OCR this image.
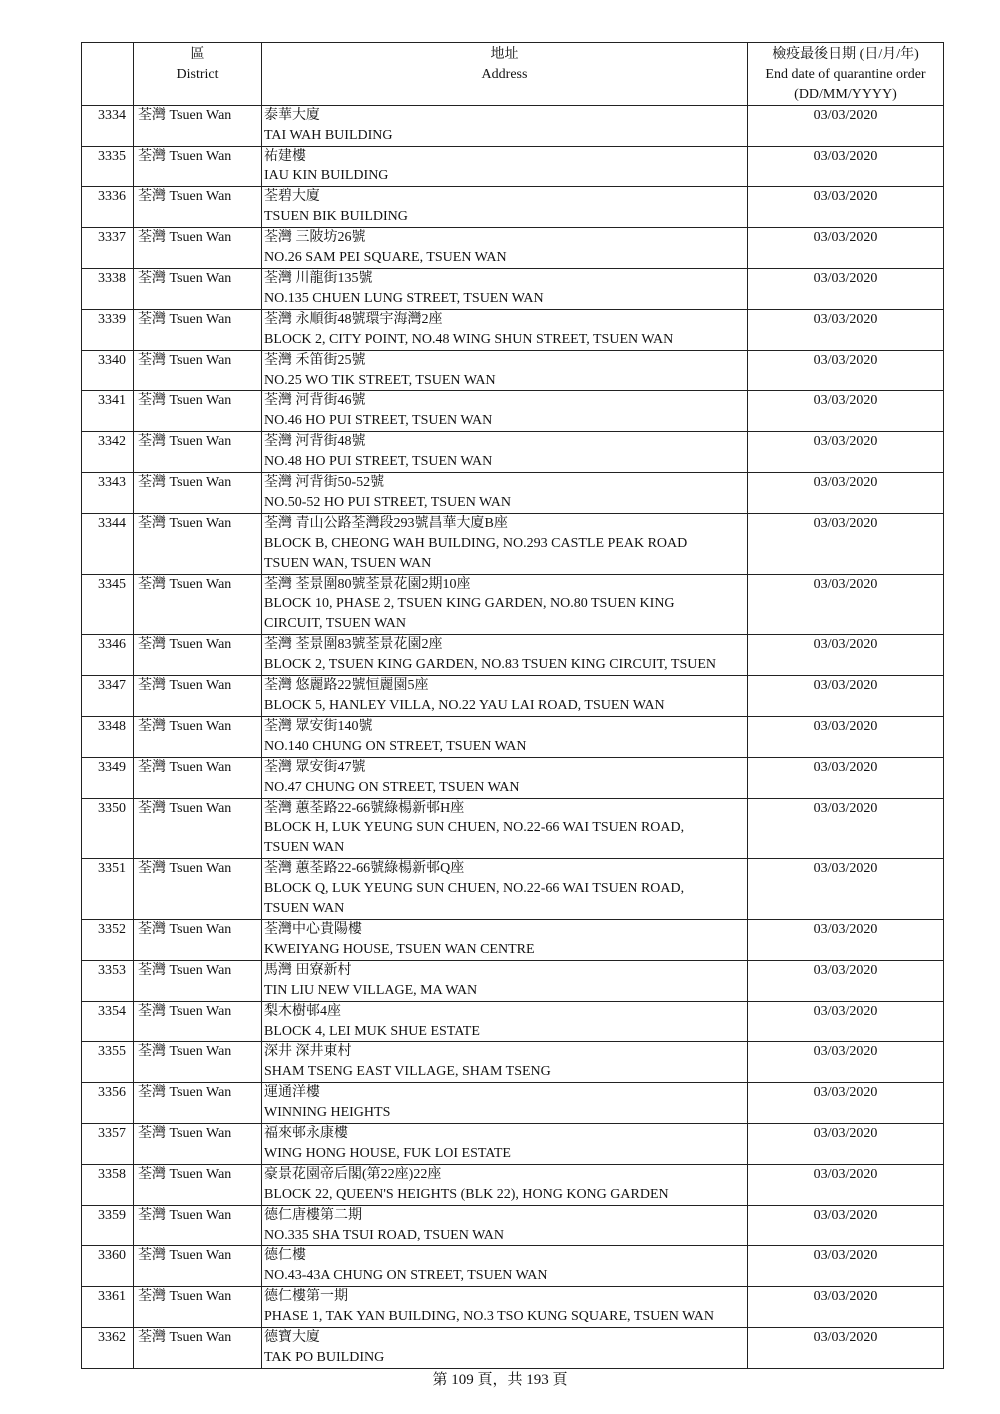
	區
District	地址
Address	檢疫最後日期 (日/月/年)
End date of quarantine order
(DD/MM/YYYY)

3334	荃灣 Tsuen Wan	泰華大廈
TAI WAH BUILDING	03/03/2020
3335	荃灣 Tsuen Wan	祐建樓
IAU KIN BUILDING	03/03/2020
3336	荃灣 Tsuen Wan	荃碧大廈
TSUEN BIK BUILDING	03/03/2020
3337	荃灣 Tsuen Wan	荃灣 三陂坊26號
NO.26 SAM PEI SQUARE, TSUEN WAN	03/03/2020
3338	荃灣 Tsuen Wan	荃灣 川龍街135號
NO.135 CHUEN LUNG STREET, TSUEN WAN	03/03/2020
3339	荃灣 Tsuen Wan	荃灣 永順街48號環宇海灣2座
BLOCK 2, CITY POINT, NO.48 WING SHUN STREET, TSUEN WAN	03/03/2020
3340	荃灣 Tsuen Wan	荃灣 禾笛街25號
NO.25 WO TIK STREET, TSUEN WAN	03/03/2020
3341	荃灣 Tsuen Wan	荃灣 河背街46號
NO.46 HO PUI STREET, TSUEN WAN	03/03/2020
3342	荃灣 Tsuen Wan	荃灣 河背街48號
NO.48 HO PUI STREET, TSUEN WAN	03/03/2020
3343	荃灣 Tsuen Wan	荃灣 河背街50-52號
NO.50-52 HO PUI STREET, TSUEN WAN	03/03/2020
3344	荃灣 Tsuen Wan	荃灣 青山公路荃灣段293號昌華大廈B座
BLOCK B, CHEONG WAH BUILDING, NO.293 CASTLE PEAK ROAD
TSUEN WAN, TSUEN WAN	03/03/2020
3345	荃灣 Tsuen Wan	荃灣 荃景圍80號荃景花園2期10座
BLOCK 10, PHASE 2, TSUEN KING GARDEN, NO.80 TSUEN KING
CIRCUIT, TSUEN WAN	03/03/2020
3346	荃灣 Tsuen Wan	荃灣 荃景圍83號荃景花園2座
BLOCK 2, TSUEN KING GARDEN, NO.83 TSUEN KING CIRCUIT, TSUEN	03/03/2020
3347	荃灣 Tsuen Wan	荃灣 悠麗路22號恒麗園5座
BLOCK 5, HANLEY VILLA, NO.22 YAU LAI ROAD, TSUEN WAN	03/03/2020
3348	荃灣 Tsuen Wan	荃灣 眾安街140號
NO.140 CHUNG ON STREET, TSUEN WAN	03/03/2020
3349	荃灣 Tsuen Wan	荃灣 眾安街47號
NO.47 CHUNG ON STREET, TSUEN WAN	03/03/2020
3350	荃灣 Tsuen Wan	荃灣 蕙荃路22-66號綠楊新邨H座
BLOCK H, LUK YEUNG SUN CHUEN, NO.22-66 WAI TSUEN ROAD,
TSUEN WAN	03/03/2020
3351	荃灣 Tsuen Wan	荃灣 蕙荃路22-66號綠楊新邨Q座
BLOCK Q, LUK YEUNG SUN CHUEN, NO.22-66 WAI TSUEN ROAD,
TSUEN WAN	03/03/2020
3352	荃灣 Tsuen Wan	荃灣中心貴陽樓
KWEIYANG HOUSE, TSUEN WAN CENTRE	03/03/2020
3353	荃灣 Tsuen Wan	馬灣 田寮新村
TIN LIU NEW VILLAGE, MA WAN	03/03/2020
3354	荃灣 Tsuen Wan	梨木樹邨4座
BLOCK 4, LEI MUK SHUE ESTATE	03/03/2020
3355	荃灣 Tsuen Wan	深井 深井東村
SHAM TSENG EAST VILLAGE, SHAM TSENG	03/03/2020
3356	荃灣 Tsuen Wan	運通洋樓
WINNING HEIGHTS	03/03/2020
3357	荃灣 Tsuen Wan	福來邨永康樓
WING HONG HOUSE, FUK LOI ESTATE	03/03/2020
3358	荃灣 Tsuen Wan	豪景花園帝后閣(第22座)22座
BLOCK 22, QUEEN'S HEIGHTS (BLK 22), HONG KONG GARDEN	03/03/2020
3359	荃灣 Tsuen Wan	德仁唐樓第二期
NO.335 SHA TSUI ROAD, TSUEN WAN	03/03/2020
3360	荃灣 Tsuen Wan	德仁樓
NO.43-43A CHUNG ON STREET, TSUEN WAN	03/03/2020
3361	荃灣 Tsuen Wan	德仁樓第一期
PHASE 1, TAK YAN BUILDING, NO.3 TSO KUNG SQUARE, TSUEN WAN	03/03/2020
3362	荃灣 Tsuen Wan	德寶大廈
TAK PO BUILDING	03/03/2020
第 109 頁，共 193 頁
